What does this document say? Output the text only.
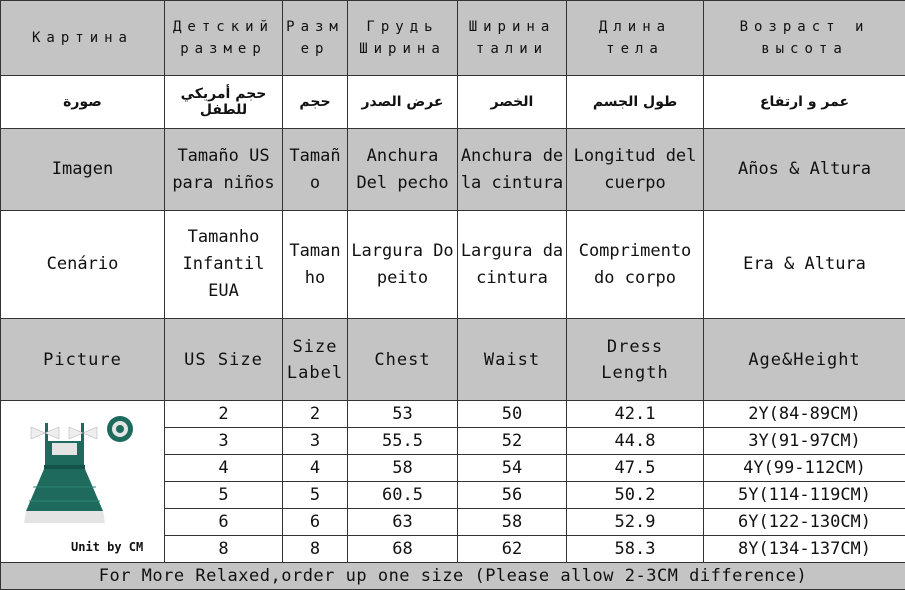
Картина	Детский размер	Размер	Грудь Ширина	Ширина талии	Длина тела	Возраст и высота
صورة	حجم أمريكي للطفل	حجم	عرض الصدر	الخصر	طول الجسم	عمر و ارتفاع
Imagen	Tamaño US para niños	Tamaño	Anchura Del pecho	Anchura de la cintura	Longitud del cuerpo	Años & Altura
Cenário	Tamanho Infantil EUA	Tamanho	Largura Do peito	Largura da cintura	Comprimento do corpo	Era & Altura
Picture	US Size	Size Label	Chest	Waist	Dress Length	Age&Height

Unit by CM	2	2	53	50	42.1	2Y(84-89CM)
	3	3	55.5	52	44.8	3Y(91-97CM)
	4	4	58	54	47.5	4Y(99-112CM)
	5	5	60.5	56	50.2	5Y(114-119CM)
	6	6	63	58	52.9	6Y(122-130CM)
	8	8	68	62	58.3	8Y(134-137CM)
For More Relaxed,order up one size (Please allow 2-3CM difference)						
